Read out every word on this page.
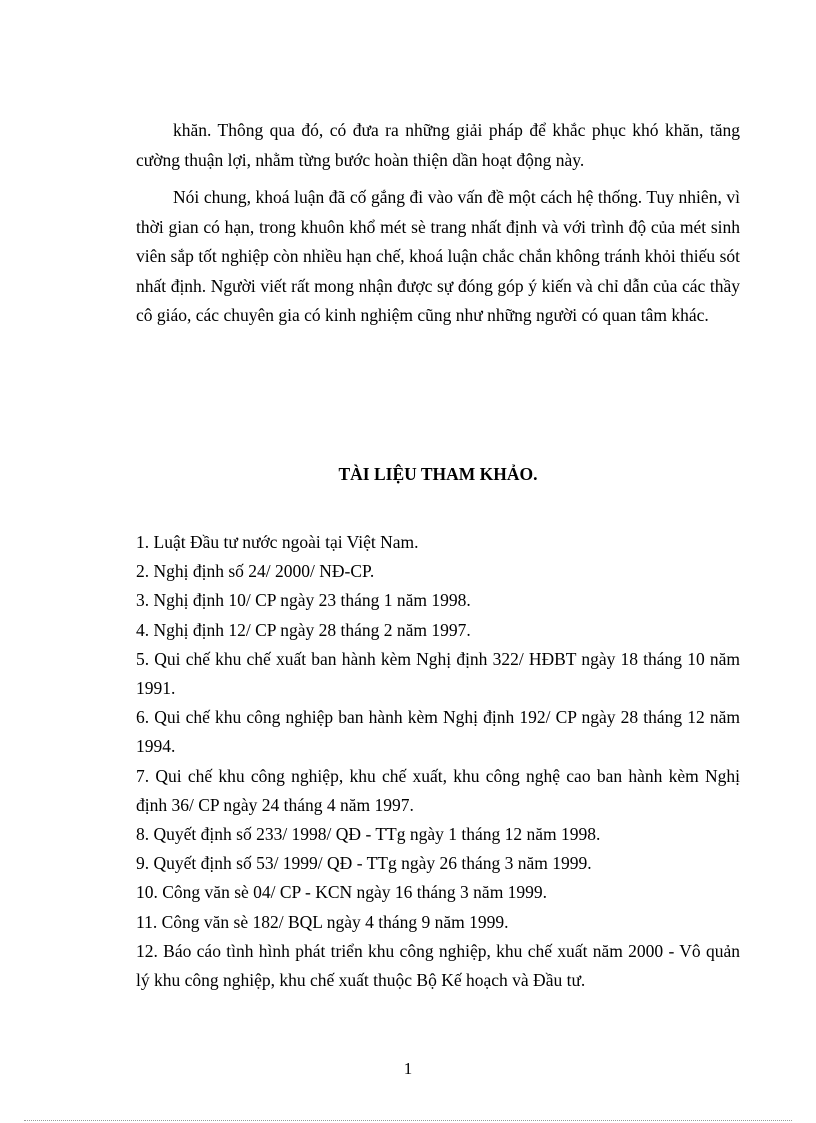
khăn. Thông qua đó, có đưa ra những giải pháp để khắc phục khó khăn, tăng cường thuận lợi, nhằm từng bước hoàn thiện dần hoạt động này.

Nói chung, khoá luận đã cố gắng đi vào vấn đề một cách hệ thống. Tuy nhiên, vì thời gian có hạn, trong khuôn khổ mét sè trang nhất định và với trình độ của mét sinh viên sắp tốt nghiệp còn nhiều hạn chế, khoá luận chắc chắn không tránh khỏi thiếu sót nhất định. Người viết rất mong nhận được sự đóng góp ý kiến và chỉ dẫn của các thầy cô giáo, các chuyên gia có kinh nghiệm cũng như những người có quan tâm khác.

TÀI LIỆU THAM KHẢO.
1. Luật Đầu tư nước ngoài tại Việt Nam.
2. Nghị định số 24/ 2000/ NĐ-CP.
3. Nghị định 10/ CP ngày 23 tháng 1 năm 1998.
4. Nghị định 12/ CP ngày 28 tháng 2 năm 1997.
5. Qui chế khu chế xuất ban hành kèm Nghị định 322/ HĐBT ngày 18 tháng 10 năm 1991.
6. Qui chế khu công nghiệp ban hành kèm Nghị định 192/ CP ngày 28 tháng 12 năm 1994.
7. Qui chế khu công nghiệp, khu chế xuất, khu công nghệ cao ban hành kèm Nghị định 36/ CP ngày 24 tháng 4 năm 1997.
8. Quyết định số 233/ 1998/ QĐ - TTg ngày 1 tháng 12 năm 1998.
9. Quyết định số 53/ 1999/ QĐ - TTg ngày 26 tháng 3 năm 1999.
10. Công văn sè 04/ CP - KCN ngày 16 tháng 3 năm 1999.
11. Công văn sè 182/ BQL ngày 4 tháng 9 năm 1999.
12. Báo cáo tình hình phát triển khu công nghiệp, khu chế xuất năm 2000 - Vô quản lý khu công nghiệp, khu chế xuất thuộc Bộ Kế hoạch và Đầu tư.
1
